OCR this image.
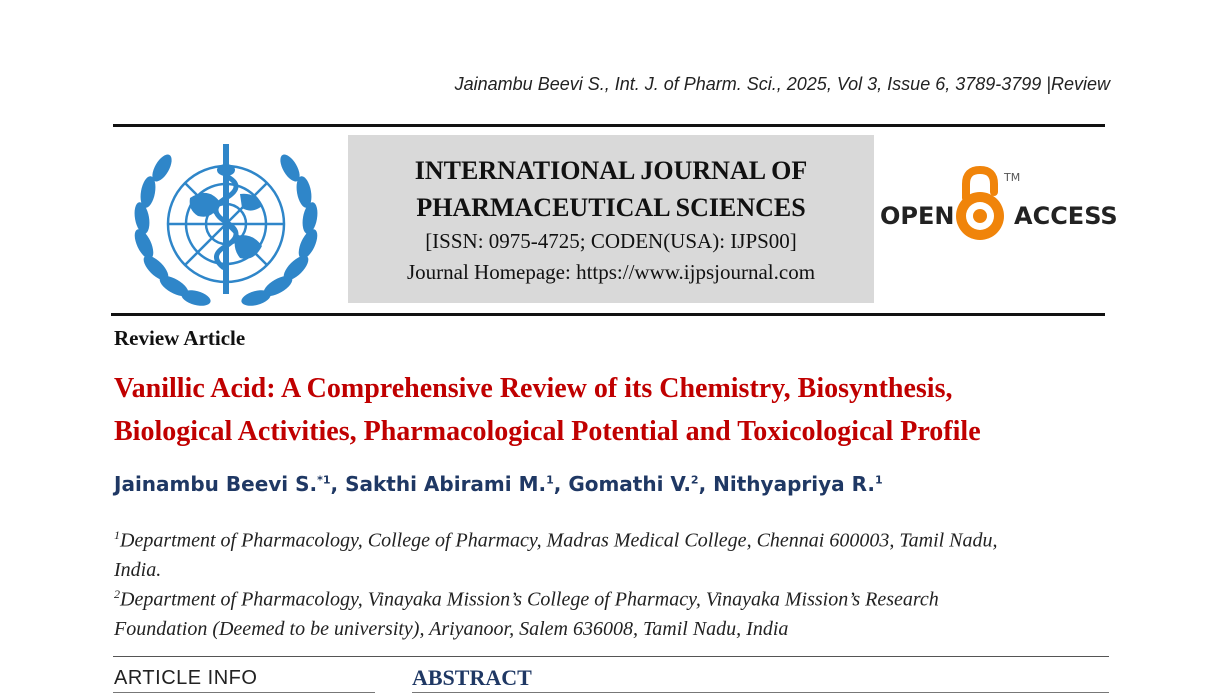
Jainambu Beevi S., Int. J. of Pharm. Sci., 2025, Vol 3, Issue 6, 3789-3799 |Review
INTERNATIONAL JOURNAL OF
PHARMACEUTICAL SCIENCES
[ISSN: 0975-4725; CODEN(USA): IJPS00]
Journal Homepage: https://www.ijpsjournal.com
OPEN
TM
ACCESS
Review Article
Vanillic Acid: A Comprehensive Review of its Chemistry, Biosynthesis,
Biological Activities, Pharmacological Potential and Toxicological Profile
Jainambu Beevi S.$^{*1}$, Sakthi Abirami M.$^1$, Gomathi V.$^2$, Nithyapriya R.$^1$
$^1$Department of Pharmacology, College of Pharmacy, Madras Medical College, Chennai 600003, Tamil Nadu,
India.
$^2$Department of Pharmacology, Vinayaka Mission’s College of Pharmacy, Vinayaka Mission’s Research
Foundation (Deemed to be university), Ariyanoor, Salem 636008, Tamil Nadu, India
ARTICLE INFO	ABSTRACT
